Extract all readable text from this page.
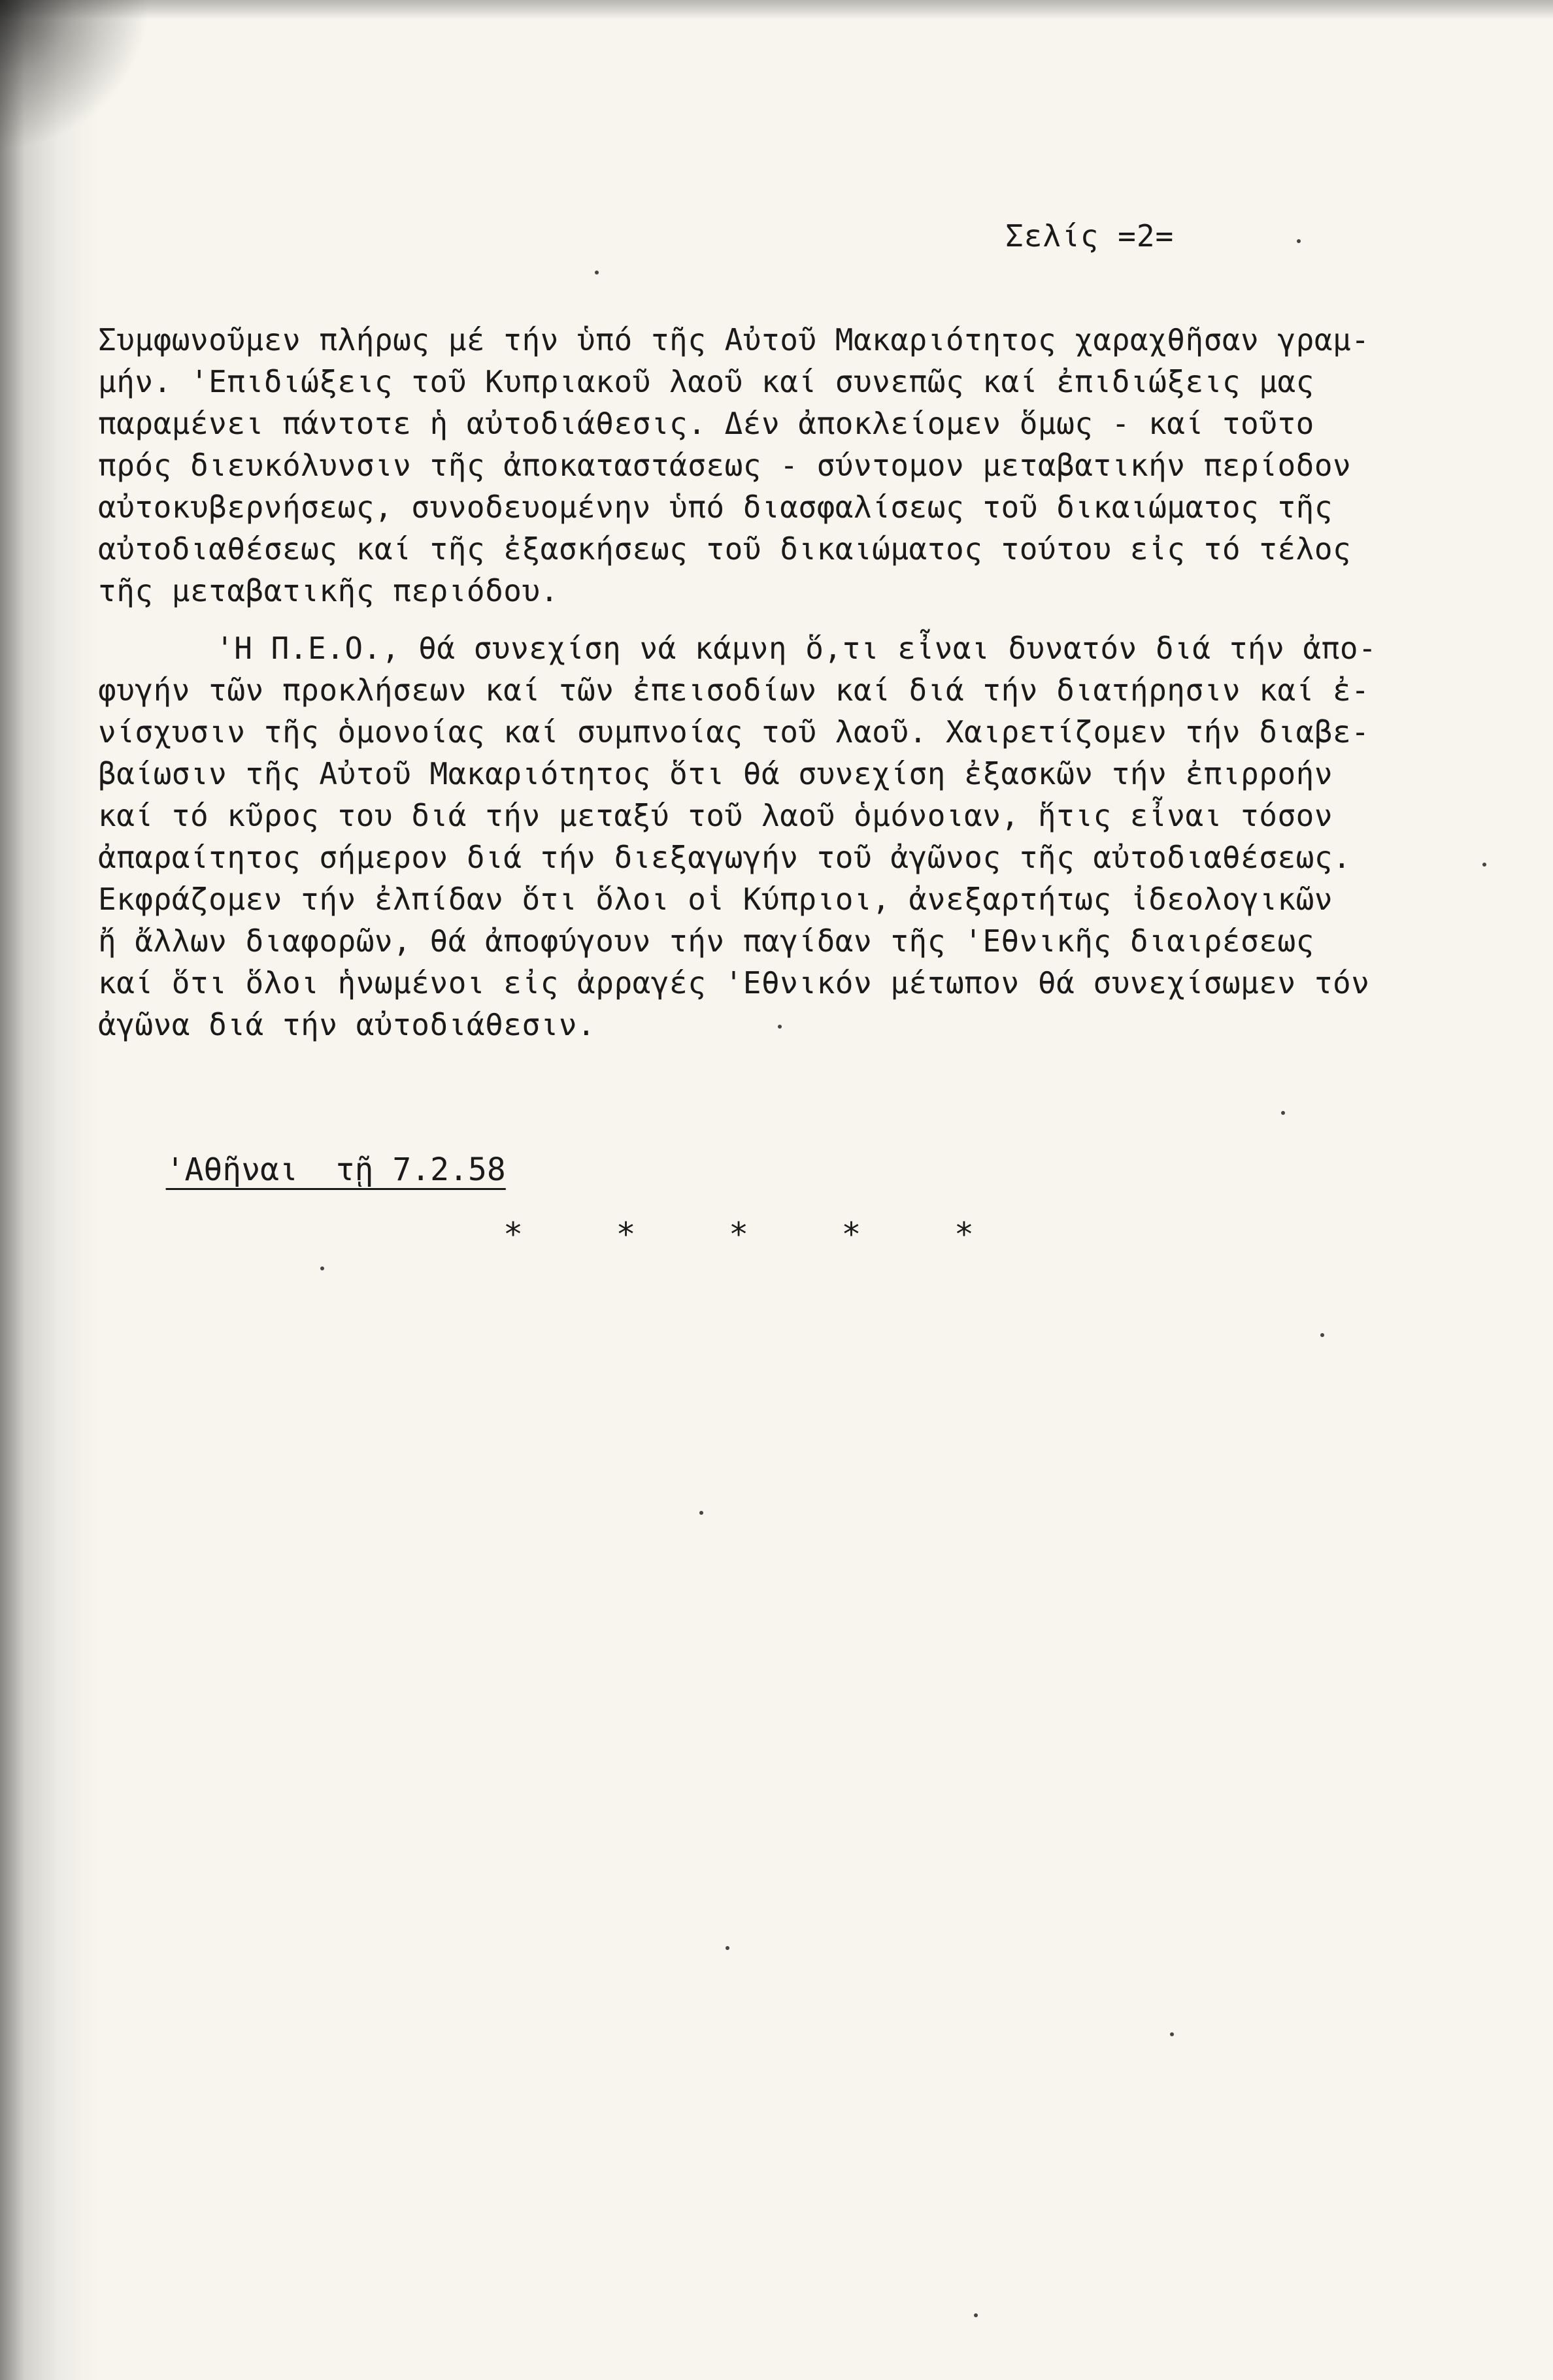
Σελίς =2=
Συμφωνοῦμεν πλήρως μέ τήν ὑπό τῆς Αὐτοῦ Μακαριότητος χαραχθῆσαν γραμ-
μήν. 'Επιδιώξεις τοῦ Κυπριακοῦ λαοῦ καί συνεπῶς καί ἐπιδιώξεις μας
παραμένει πάντοτε ἡ αὐτοδιάθεσις. Δέν ἀποκλείομεν ὅμως - καί τοῦτο
πρός διευκόλυνσιν τῆς ἀποκαταστάσεως - σύντομον μεταβατικήν περίοδον
αὐτοκυβερνήσεως, συνοδευομένην ὑπό διασφαλίσεως τοῦ δικαιώματος τῆς
αὐτοδιαθέσεως καί τῆς ἐξασκήσεως τοῦ δικαιώματος τούτου εἰς τό τέλος
τῆς μεταβατικῆς περιόδου.
'Η Π.Ε.Ο., θά συνεχίση νά κάμνη ὅ,τι εἶναι δυνατόν διά τήν ἀπο-
φυγήν τῶν προκλήσεων καί τῶν ἐπεισοδίων καί διά τήν διατήρησιν καί ἐ-
νίσχυσιν τῆς ὁμονοίας καί συμπνοίας τοῦ λαοῦ. Χαιρετίζομεν τήν διαβε-
βαίωσιν τῆς Αὐτοῦ Μακαριότητος ὅτι θά συνεχίση ἐξασκῶν τήν ἐπιρροήν
καί τό κῦρος του διά τήν μεταξύ τοῦ λαοῦ ὁμόνοιαν, ἥτις εἶναι τόσον
ἀπαραίτητος σήμερον διά τήν διεξαγωγήν τοῦ ἀγῶνος τῆς αὐτοδιαθέσεως.
Εκφράζομεν τήν ἐλπίδαν ὅτι ὅλοι οἱ Κύπριοι, ἀνεξαρτήτως ἰδεολογικῶν
ἤ ἄλλων διαφορῶν, θά ἀποφύγουν τήν παγίδαν τῆς 'Εθνικῆς διαιρέσεως
καί ὅτι ὅλοι ἡνωμένοι εἰς ἀρραγές 'Εθνικόν μέτωπον θά συνεχίσωμεν τόν
ἀγῶνα διά τήν αὐτοδιάθεσιν.

'Αθῆναι  τῇ 7.2.58

*	*	*	*	*
